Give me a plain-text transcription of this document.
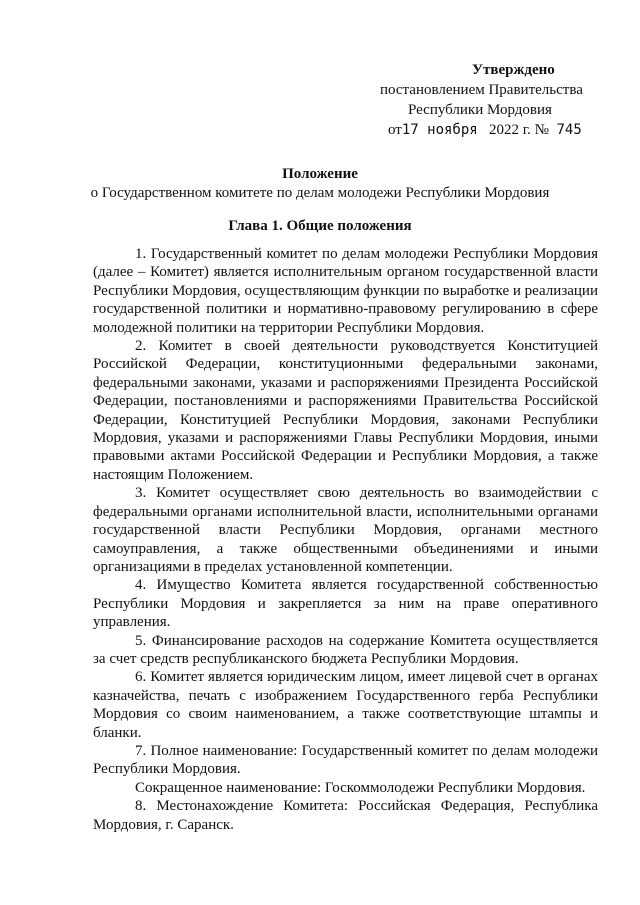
Утверждено
постановлением Правительства
Республики Мордовия
от17 ноября 2022 г. № 745
Положение
о Государственном комитете по делам молодежи Республики Мордовия
Глава 1. Общие положения

1. Государственный комитет по делам молодежи Республики Мордовия (далее – Комитет) является исполнительным органом государственной власти Республики Мордовия, осуществляющим функции по выработке и реализации государственной политики и нормативно-правовому регулированию в сфере молодежной политики на территории Республики Мордовия.

2. Комитет в своей деятельности руководствуется Конституцией Российской Федерации, конституционными федеральными законами, федеральными законами, указами и распоряжениями Президента Российской Федерации, постановлениями и распоряжениями Правительства Российской Федерации, Конституцией Республики Мордовия, законами Республики Мордовия, указами и распоряжениями Главы Республики Мордовия, иными правовыми актами Российской Федерации и Республики Мордовия, а также настоящим Положением.

3. Комитет осуществляет свою деятельность во взаимодействии с федеральными органами исполнительной власти, исполнительными органами государственной власти Республики Мордовия, органами местного самоуправления, а также общественными объединениями и иными организациями в пределах установленной компетенции.

4. Имущество Комитета является государственной собственностью Республики Мордовия и закрепляется за ним на праве оперативного управления.

5. Финансирование расходов на содержание Комитета осуществляется за счет средств республиканского бюджета Республики Мордовия.

6. Комитет является юридическим лицом, имеет лицевой счет в органах казначейства, печать с изображением Государственного герба Республики Мордовия со своим наименованием, а также соответствующие штампы и бланки.

7. Полное наименование: Государственный комитет по делам молодежи Республики Мордовия.

Сокращенное наименование: Госкоммолодежи Республики Мордовия.

8. Местонахождение Комитета: Российская Федерация, Республика Мордовия, г. Саранск.
